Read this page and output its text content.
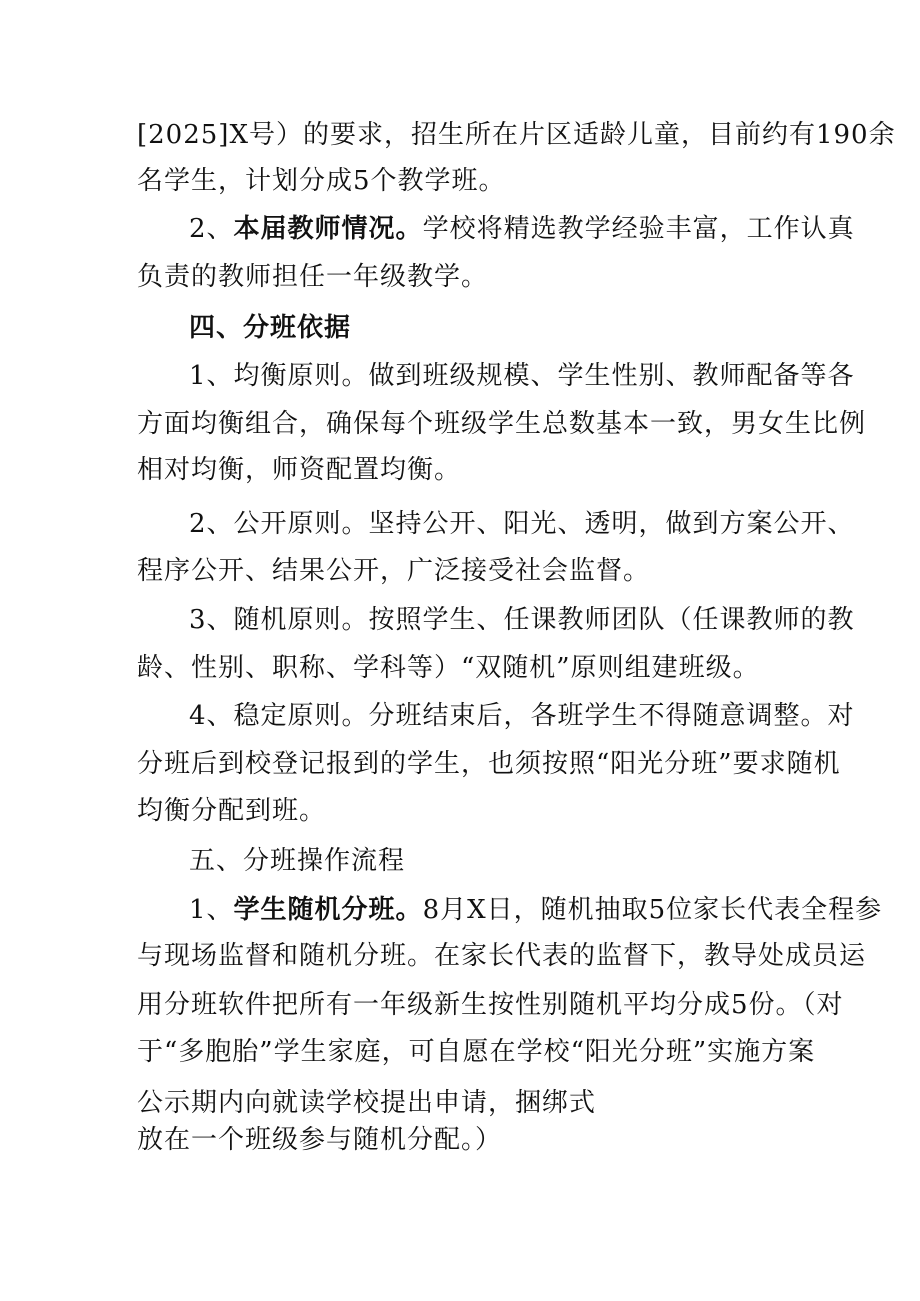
[2025]X号）的要求，招生所在片区适龄儿童，目前约有190余
名学生，计划分成5个教学班。
2、本届教师情况。学校将精选教学经验丰富，工作认真
负责的教师担任一年级教学。
四、分班依据
1、均衡原则。做到班级规模、学生性别、教师配备等各
方面均衡组合，确保每个班级学生总数基本一致，男女生比例
相对均衡，师资配置均衡。
2、公开原则。坚持公开、阳光、透明，做到方案公开、
程序公开、结果公开，广泛接受社会监督。
3、随机原则。按照学生、任课教师团队（任课教师的教
龄、性别、职称、学科等）“双随机”原则组建班级。
4、稳定原则。分班结束后，各班学生不得随意调整。对
分班后到校登记报到的学生，也须按照“阳光分班”要求随机
均衡分配到班。
五、分班操作流程
1、学生随机分班。8月X日，随机抽取5位家长代表全程参
与现场监督和随机分班。在家长代表的监督下，教导处成员运
用分班软件把所有一年级新生按性别随机平均分成5份。（对
于“多胞胎”学生家庭，可自愿在学校“阳光分班”实施方案
公示期内向就读学校提出申请，捆绑式
放在一个班级参与随机分配。）
